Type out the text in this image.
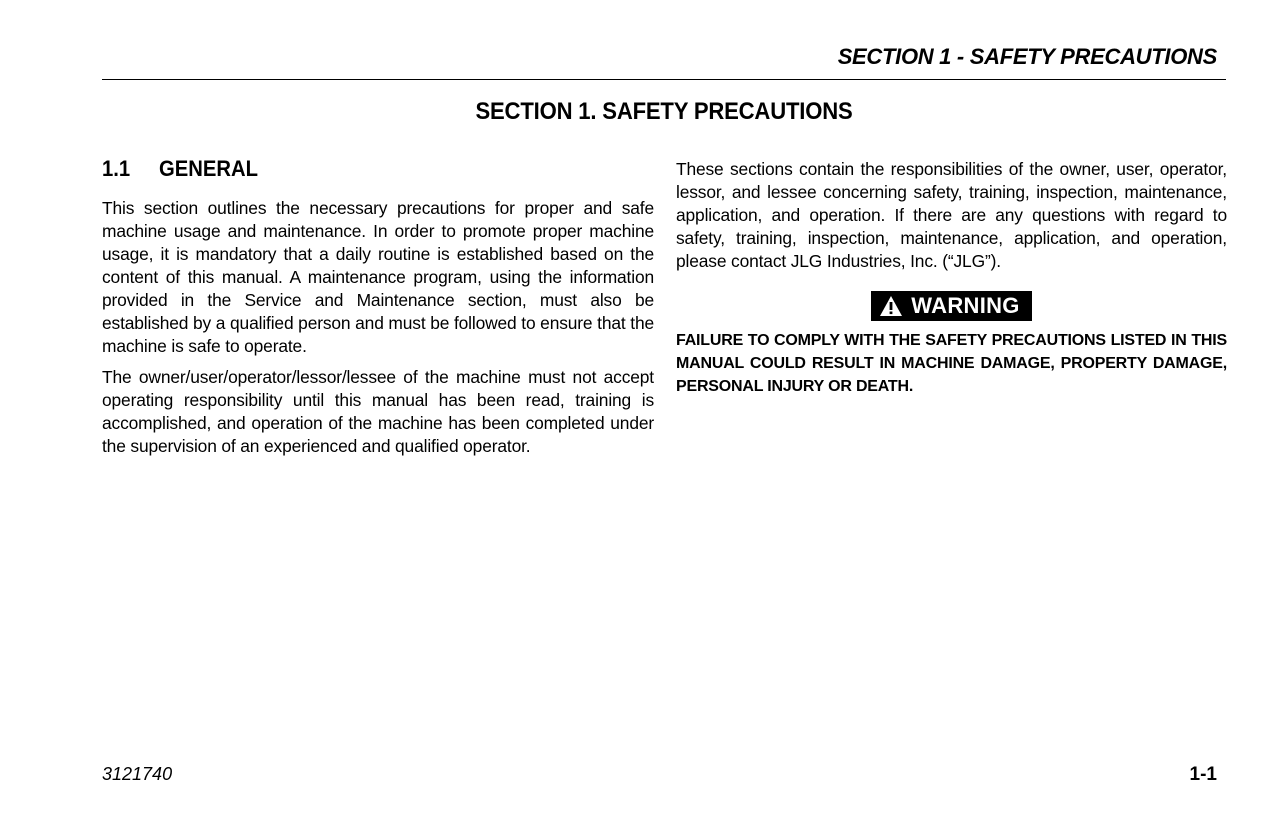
SECTION 1 - SAFETY PRECAUTIONS
SECTION 1. SAFETY PRECAUTIONS
1.1	GENERAL

This section outlines the necessary precautions for proper and safe machine usage and maintenance. In order to promote proper machine usage, it is mandatory that a daily routine is established based on the content of this manual. A maintenance program, using the information provided in the Service and Maintenance section, must also be established by a qualified person and must be followed to ensure that the machine is safe to operate.

The owner/user/operator/lessor/lessee of the machine must not accept operating responsibility until this manual has been read, training is accomplished, and operation of the machine has been completed under the supervision of an experienced and qualified operator.

These sections contain the responsibilities of the owner, user, operator, lessor, and lessee concerning safety, training, inspection, maintenance, application, and operation. If there are any questions with regard to safety, training, inspection, maintenance, application, and operation, please contact JLG Industries, Inc. (“JLG”).

WARNING
FAILURE TO COMPLY WITH THE SAFETY PRECAUTIONS LISTED IN THIS MANUAL COULD RESULT IN MACHINE DAMAGE, PROPERTY DAMAGE, PERSONAL INJURY OR DEATH.
3121740	1-1
